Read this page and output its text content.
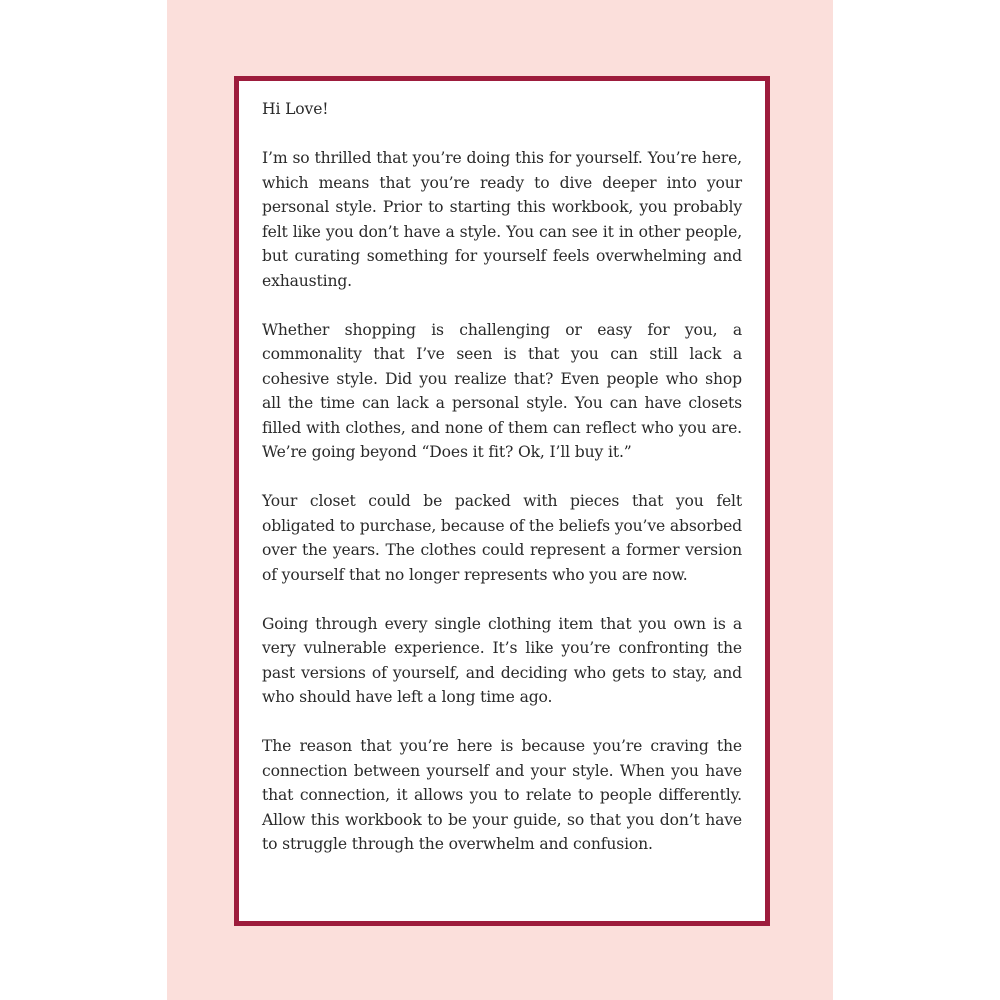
Hi Love!

I’m so thrilled that you’re doing this for yourself. You’re here, which means that you’re ready to dive deeper into your personal style. Prior to starting this workbook, you probably felt like you don’t have a style. You can see it in other people, but curating something for yourself feels overwhelming and exhausting.

Whether shopping is challenging or easy for you, a commonality that I’ve seen is that you can still lack a cohesive style. Did you realize that? Even people who shop all the time can lack a personal style. You can have closets filled with clothes, and none of them can reflect who you are. We’re going beyond “Does it fit? Ok, I’ll buy it.”

Your closet could be packed with pieces that you felt obligated to purchase, because of the beliefs you’ve absorbed over the years. The clothes could represent a former version of yourself that no longer represents who you are now.

Going through every single clothing item that you own is a very vulnerable experience. It’s like you’re confronting the past versions of yourself, and deciding who gets to stay, and who should have left a long time ago.

The reason that you’re here is because you’re craving the connection between yourself and your style. When you have that connection, it allows you to relate to people differently. Allow this workbook to be your guide, so that you don’t have to struggle through the overwhelm and confusion.
